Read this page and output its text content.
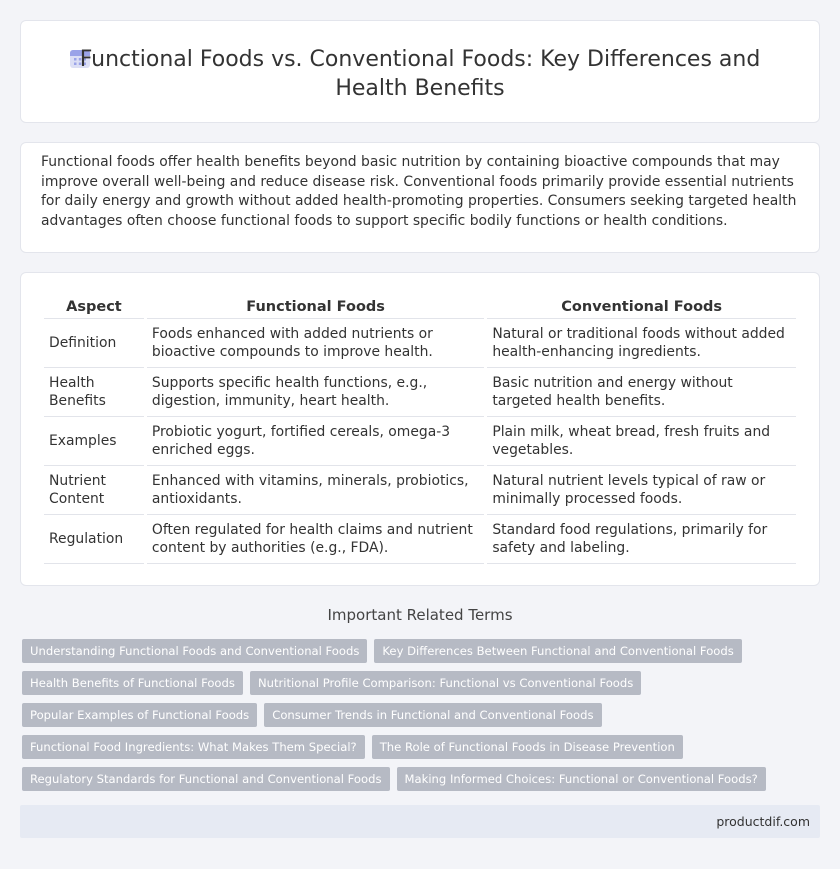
Functional Foods vs. Conventional Foods: Key Differences and Health Benefits

Functional foods offer health benefits beyond basic nutrition by containing bioactive compounds that may improve overall well-being and reduce disease risk. Conventional foods primarily provide essential nutrients for daily energy and growth without added health-promoting properties. Consumers seeking targeted health advantages often choose functional foods to support specific bodily functions or health conditions.

Aspect	Functional Foods	Conventional Foods
Definition	Foods enhanced with added nutrients or bioactive compounds to improve health.	Natural or traditional foods without added health-enhancing ingredients.
Health Benefits	Supports specific health functions, e.g., digestion, immunity, heart health.	Basic nutrition and energy without targeted health benefits.
Examples	Probiotic yogurt, fortified cereals, omega-3 enriched eggs.	Plain milk, wheat bread, fresh fruits and vegetables.
Nutrient Content	Enhanced with vitamins, minerals, probiotics, antioxidants.	Natural nutrient levels typical of raw or minimally processed foods.
Regulation	Often regulated for health claims and nutrient content by authorities (e.g., FDA).	Standard food regulations, primarily for safety and labeling.
Important Related Terms
Understanding Functional Foods and Conventional Foods Key Differences Between Functional and Conventional Foods
Health Benefits of Functional Foods Nutritional Profile Comparison: Functional vs Conventional Foods
Popular Examples of Functional Foods Consumer Trends in Functional and Conventional Foods
Functional Food Ingredients: What Makes Them Special? The Role of Functional Foods in Disease Prevention
Regulatory Standards for Functional and Conventional Foods Making Informed Choices: Functional or Conventional Foods?
productdif.com
